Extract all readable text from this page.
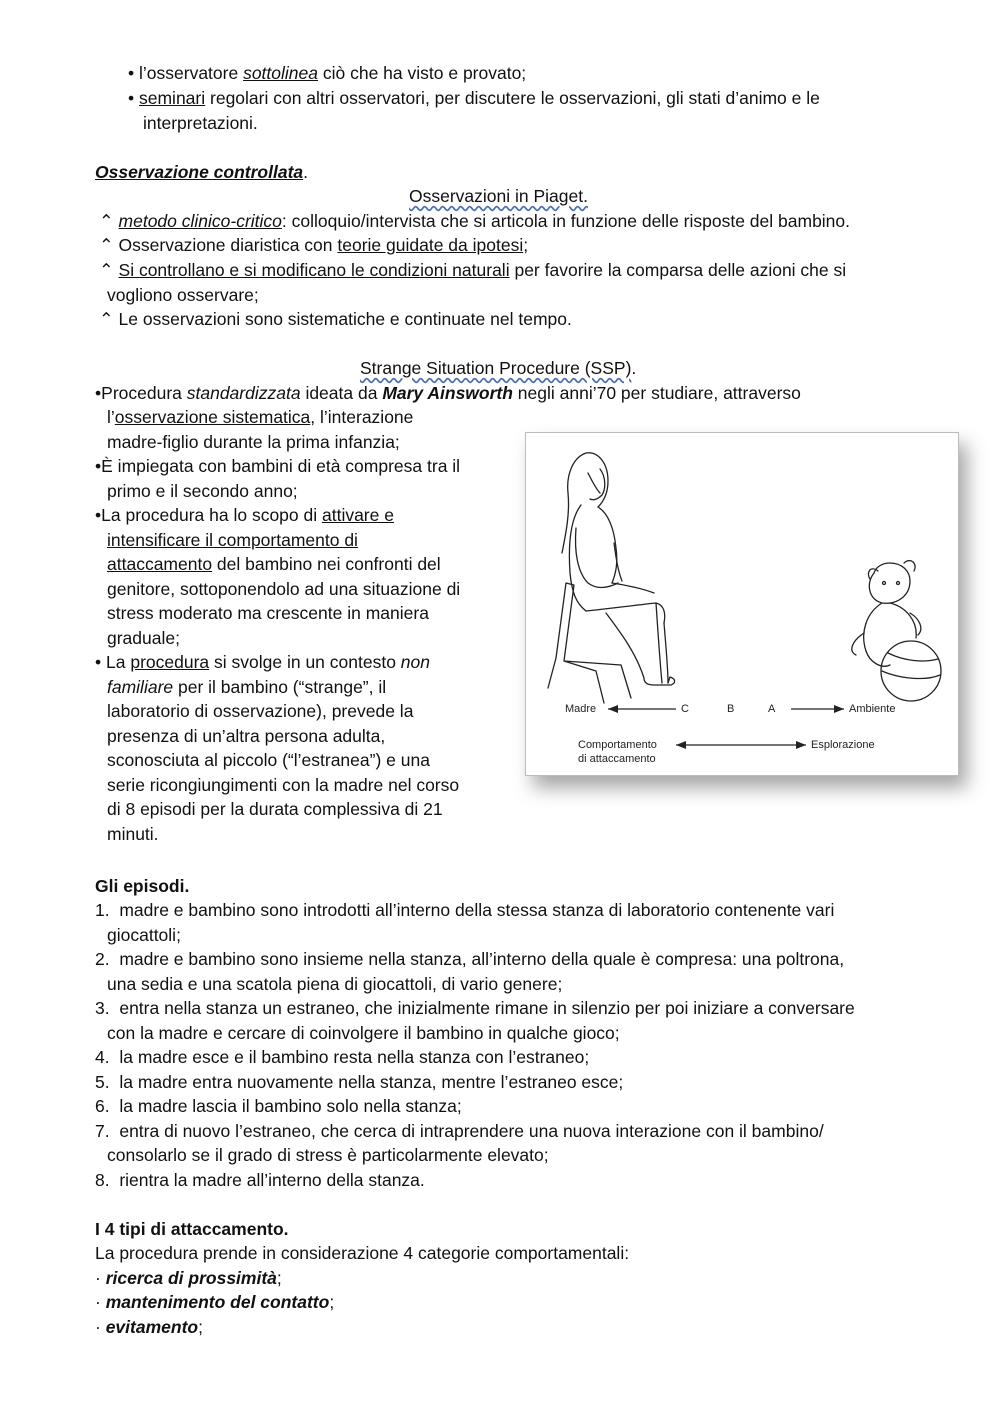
• l’osservatore sottolinea ciò che ha visto e provato;
• seminari regolari con altri osservatori, per discutere le osservazioni, gli stati d’animo e le
interpretazioni.
Osservazione controllata.
Osservazioni in Piaget.
⌃ metodo clinico-critico: colloquio/intervista che si articola in funzione delle risposte del bambino.
⌃ Osservazione diaristica con teorie guidate da ipotesi;
⌃ Si controllano e si modificano le condizioni naturali per favorire la comparsa delle azioni che si
vogliono osservare;
⌃ Le osservazioni sono sistematiche e continuate nel tempo.
Strange Situation Procedure (SSP).
•Procedura standardizzata ideata da Mary Ainsworth negli anni’70 per studiare, attraverso
l’osservazione sistematica, l’interazione
madre-figlio durante la prima infanzia;
•È impiegata con bambini di età compresa tra il
primo e il secondo anno;
•La procedura ha lo scopo di attivare e
intensificare il comportamento di
attaccamento del bambino nei confronti del
genitore, sottoponendolo ad una situazione di
stress moderato ma crescente in maniera
graduale;
• La procedura si svolge in un contesto non
familiare per il bambino (“strange”, il
laboratorio di osservazione), prevede la
presenza di un’altra persona adulta,
sconosciuta al piccolo (“l’estranea”) e una
serie ricongiungimenti con la madre nel corso
di 8 episodi per la durata complessiva di 21
minuti.
Madre	C	B	A	Ambiente
Comportamento
di attaccamento
Esplorazione
Gli episodi.
1. madre e bambino sono introdotti all’interno della stessa stanza di laboratorio contenente vari
giocattoli;
2. madre e bambino sono insieme nella stanza, all’interno della quale è compresa: una poltrona,
una sedia e una scatola piena di giocattoli, di vario genere;
3. entra nella stanza un estraneo, che inizialmente rimane in silenzio per poi iniziare a conversare
con la madre e cercare di coinvolgere il bambino in qualche gioco;
4. la madre esce e il bambino resta nella stanza con l’estraneo;
5. la madre entra nuovamente nella stanza, mentre l’estraneo esce;
6. la madre lascia il bambino solo nella stanza;
7. entra di nuovo l’estraneo, che cerca di intraprendere una nuova interazione con il bambino/
consolarlo se il grado di stress è particolarmente elevato;
8. rientra la madre all’interno della stanza.
I 4 tipi di attaccamento.
La procedura prende in considerazione 4 categorie comportamentali:
· ricerca di prossimità;
· mantenimento del contatto;
· evitamento;
